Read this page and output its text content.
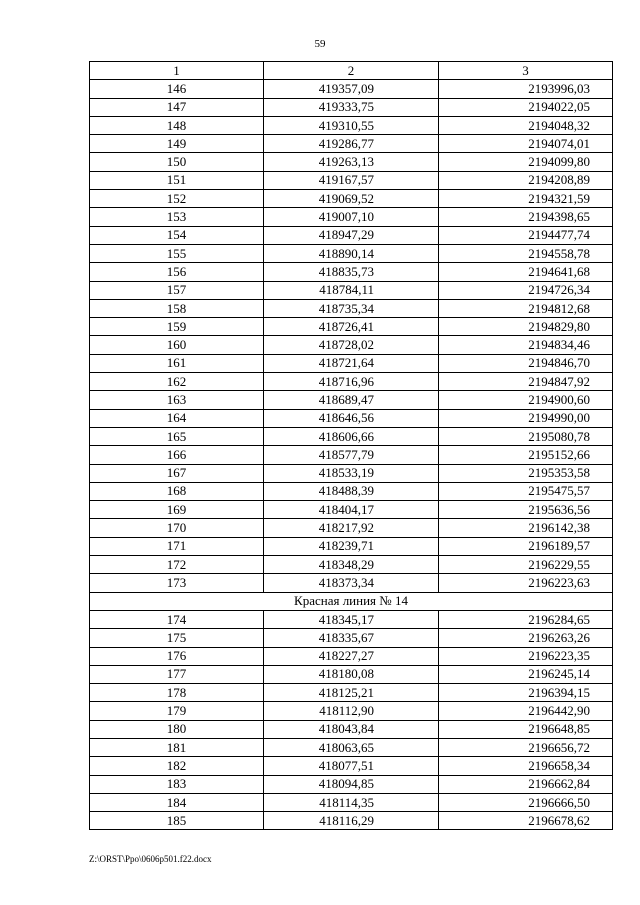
59
1	2	3
146	419357,09	2193996,03
147	419333,75	2194022,05
148	419310,55	2194048,32
149	419286,77	2194074,01
150	419263,13	2194099,80
151	419167,57	2194208,89
152	419069,52	2194321,59
153	419007,10	2194398,65
154	418947,29	2194477,74
155	418890,14	2194558,78
156	418835,73	2194641,68
157	418784,11	2194726,34
158	418735,34	2194812,68
159	418726,41	2194829,80
160	418728,02	2194834,46
161	418721,64	2194846,70
162	418716,96	2194847,92
163	418689,47	2194900,60
164	418646,56	2194990,00
165	418606,66	2195080,78
166	418577,79	2195152,66
167	418533,19	2195353,58
168	418488,39	2195475,57
169	418404,17	2195636,56
170	418217,92	2196142,38
171	418239,71	2196189,57
172	418348,29	2196229,55
173	418373,34	2196223,63
Красная линия № 14		
174	418345,17	2196284,65
175	418335,67	2196263,26
176	418227,27	2196223,35
177	418180,08	2196245,14
178	418125,21	2196394,15
179	418112,90	2196442,90
180	418043,84	2196648,85
181	418063,65	2196656,72
182	418077,51	2196658,34
183	418094,85	2196662,84
184	418114,35	2196666,50
185	418116,29	2196678,62
Z:\ORST\Ppo\0606p501.f22.docx
